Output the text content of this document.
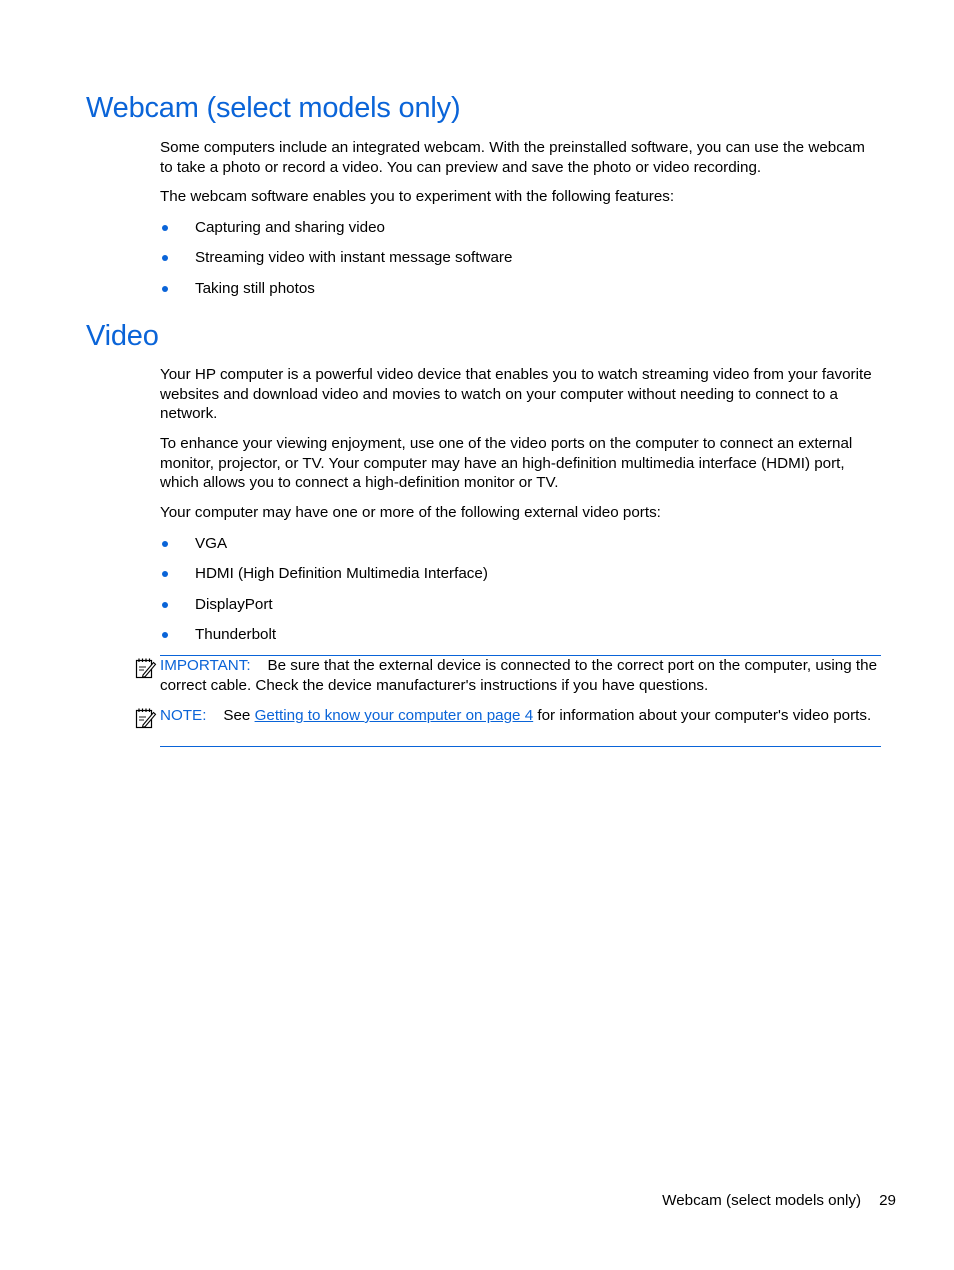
Webcam (select models only)

Some computers include an integrated webcam. With the preinstalled software, you can use the webcam to take a photo or record a video. You can preview and save the photo or video recording.

The webcam software enables you to experiment with the following features:

Capturing and sharing video
Streaming video with instant message software
Taking still photos
Video

Your HP computer is a powerful video device that enables you to watch streaming video from your favorite websites and download video and movies to watch on your computer without needing to connect to a network.

To enhance your viewing enjoyment, use one of the video ports on the computer to connect an external monitor, projector, or TV. Your computer may have an high-definition multimedia interface (HDMI) port, which allows you to connect a high-definition monitor or TV.

Your computer may have one or more of the following external video ports:

VGA
HDMI (High Definition Multimedia Interface)
DisplayPort
Thunderbolt
IMPORTANT: Be sure that the external device is connected to the correct port on the computer, using the correct cable. Check the device manufacturer's instructions if you have questions.
NOTE: See Getting to know your computer on page 4 for information about your computer's video ports.
Webcam (select models only) 29
